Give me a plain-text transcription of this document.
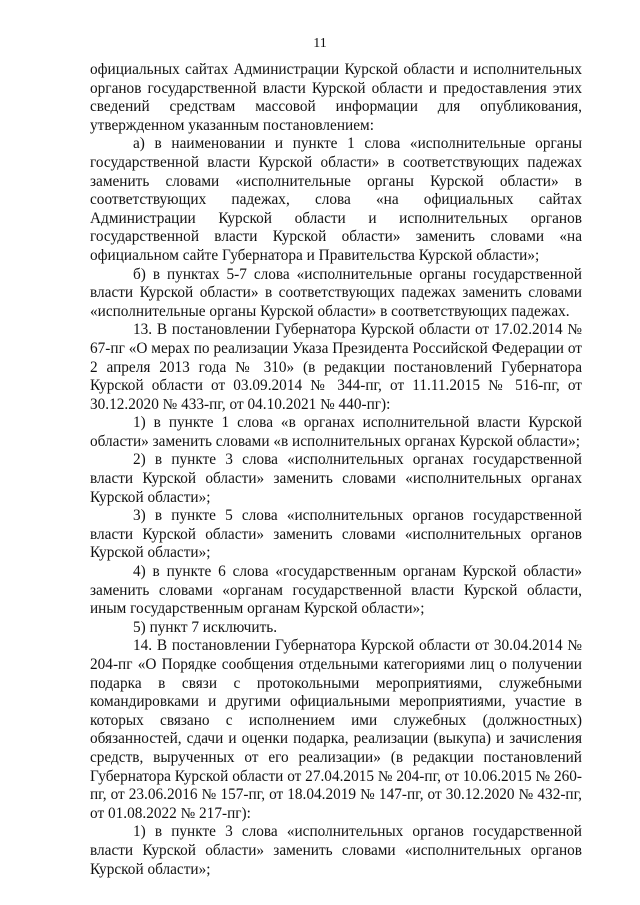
11

официальных сайтах Администрации Курской области и исполнительных органов государственной власти Курской области и предоставления этих сведений средствам массовой информации для опубликования, утвержденном указанным постановлением:

а) в наименовании и пункте 1 слова «исполнительные органы государственной власти Курской области» в соответствующих падежах заменить словами «исполнительные органы Курской области» в соответствующих падежах, слова «на официальных сайтах Администрации Курской области и исполнительных органов государственной власти Курской области» заменить словами «на официальном сайте Губернатора и Правительства Курской области»;

б) в пунктах 5-7 слова «исполнительные органы государственной власти Курской области» в соответствующих падежах заменить словами «исполнительные органы Курской области» в соответствующих падежах.

13. В постановлении Губернатора Курской области от 17.02.2014 № 67-пг «О мерах по реализации Указа Президента Российской Федерации от 2 апреля 2013 года № 310» (в редакции постановлений Губернатора Курской области от 03.09.2014 № 344-пг, от 11.11.2015 № 516-пг, от 30.12.2020 № 433-пг, от 04.10.2021 № 440-пг):

1) в пункте 1 слова «в органах исполнительной власти Курской области» заменить словами «в исполнительных органах Курской области»;

2) в пункте 3 слова «исполнительных органах государственной власти Курской области» заменить словами «исполнительных органах Курской области»;

3) в пункте 5 слова «исполнительных органов государственной власти Курской области» заменить словами «исполнительных органов Курской области»;

4) в пункте 6 слова «государственным органам Курской области» заменить словами «органам государственной власти Курской области, иным государственным органам Курской области»;

5) пункт 7 исключить.

14. В постановлении Губернатора Курской области от 30.04.2014 № 204-пг «О Порядке сообщения отдельными категориями лиц о получении подарка в связи с протокольными мероприятиями, служебными командировками и другими официальными мероприятиями, участие в которых связано с исполнением ими служебных (должностных) обязанностей, сдачи и оценки подарка, реализации (выкупа) и зачисления средств, вырученных от его реализации» (в редакции постановлений Губернатора Курской области от 27.04.2015 № 204-пг, от 10.06.2015 № 260-пг, от 23.06.2016 № 157-пг, от 18.04.2019 № 147-пг, от 30.12.2020 № 432-пг, от 01.08.2022 № 217-пг):

1) в пункте 3 слова «исполнительных органов государственной власти Курской области» заменить словами «исполнительных органов Курской области»;
